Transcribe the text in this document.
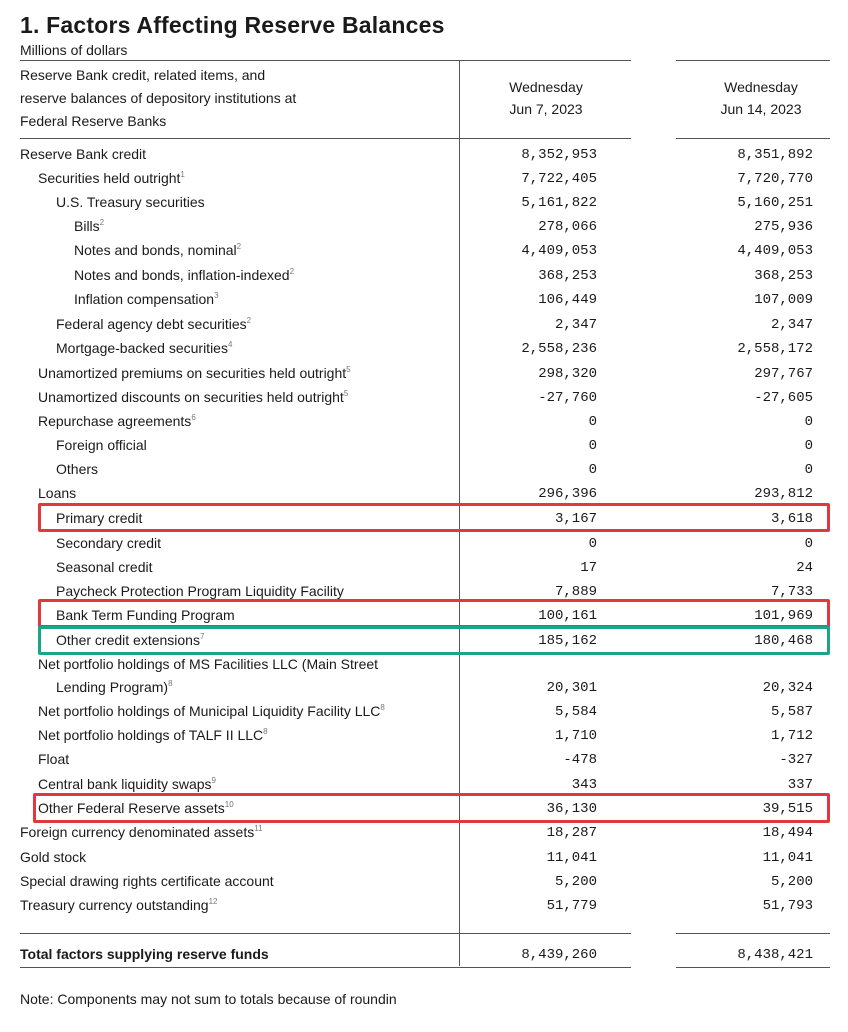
1. Factors Affecting Reserve Balances
Millions of dollars
Reserve Bank credit, related items, and
reserve balances of depository institutions at
Federal Reserve Banks
Wednesday
Jun 7, 2023
Wednesday
Jun 14, 2023
Reserve Bank credit	8,352,953	8,351,892
Securities held outright$^1$	7,722,405	7,720,770
U.S. Treasury securities	5,161,822	5,160,251
Bills$^2$	278,066	275,936
Notes and bonds, nominal$^2$	4,409,053	4,409,053
Notes and bonds, inflation-indexed$^2$	368,253	368,253
Inflation compensation$^3$	106,449	107,009
Federal agency debt securities$^2$	2,347	2,347
Mortgage-backed securities$^4$	2,558,236	2,558,172
Unamortized premiums on securities held outright$^5$	298,320	297,767
Unamortized discounts on securities held outright$^5$	-27,760	-27,605
Repurchase agreements$^6$	0	0
Foreign official	0	0
Others	0	0
Loans	296,396	293,812
Primary credit	3,167	3,618
Secondary credit	0	0
Seasonal credit	17	24
Paycheck Protection Program Liquidity Facility	7,889	7,733
Bank Term Funding Program	100,161	101,969
Other credit extensions$^7$	185,162	180,468
Net portfolio holdings of MS Facilities LLC (Main Street
Lending Program)$^8$	20,301	20,324
Net portfolio holdings of Municipal Liquidity Facility LLC$^8$	5,584	5,587
Net portfolio holdings of TALF II LLC$^8$	1,710	1,712
Float	-478	-327
Central bank liquidity swaps$^9$	343	337
Other Federal Reserve assets$^{10}$	36,130	39,515
Foreign currency denominated assets$^{11}$	18,287	18,494
Gold stock	11,041	11,041
Special drawing rights certificate account	5,200	5,200
Treasury currency outstanding$^{12}$	51,779	51,793
Total factors supplying reserve funds	8,439,260	8,438,421
Note: Components may not sum to totals because of roundin
